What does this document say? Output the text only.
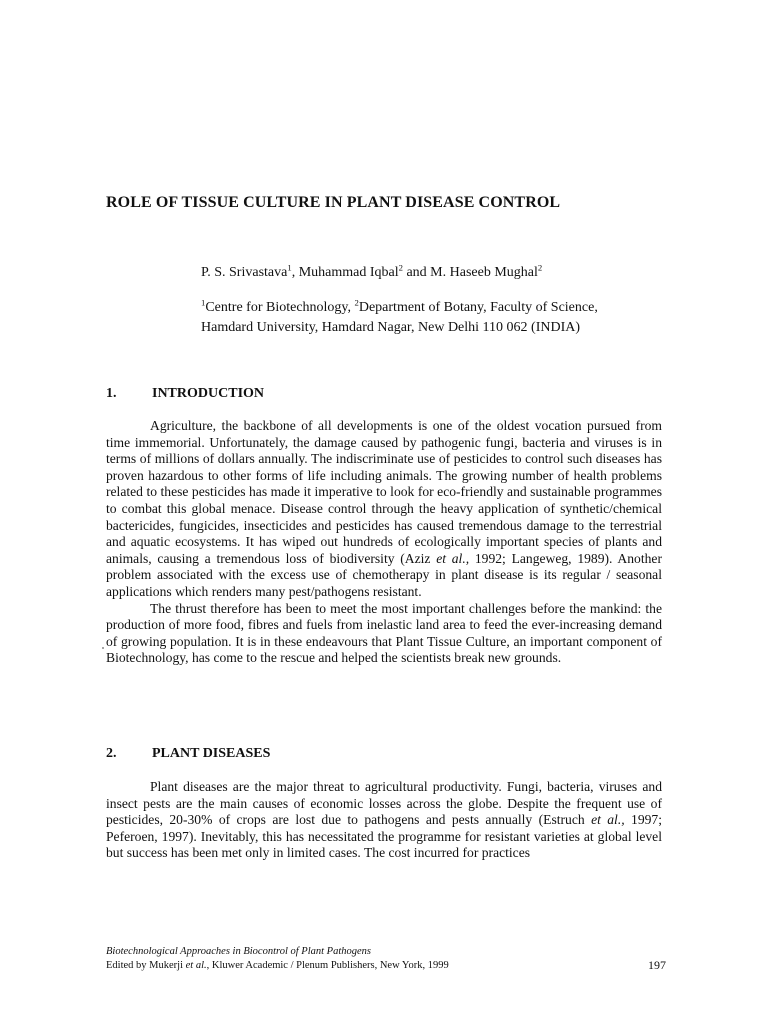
ROLE OF TISSUE CULTURE IN PLANT DISEASE CONTROL
P. S. Srivastava$^1$, Muhammad Iqbal$^2$ and M. Haseeb Mughal$^2$
$^1$Centre for Biotechnology, $^2$Department of Botany, Faculty of Science,
Hamdard University, Hamdard Nagar, New Delhi 110 062 (INDIA)
1.	INTRODUCTION

Agriculture, the backbone of all developments is one of the oldest vocation pursued from time immemorial. Unfortunately, the damage caused by pathogenic fungi, bacteria and viruses is in terms of millions of dollars annually. The indiscriminate use of pesticides to control such diseases has proven hazardous to other forms of life including animals. The growing number of health problems related to these pesticides has made it imperative to look for eco-friendly and sustainable programmes to combat this global menace. Disease control through the heavy application of synthetic/chemical bactericides, fungicides, insecticides and pesticides has caused tremendous damage to the terrestrial and aquatic ecosystems. It has wiped out hundreds of ecologically important species of plants and animals, causing a tremendous loss of biodiversity (Aziz et al., 1992; Langeweg, 1989). Another problem associated with the excess use of chemotherapy in plant disease is its regular / seasonal applications which renders many pest/pathogens resistant.

The thrust therefore has been to meet the most important challenges before the mankind: the production of more food, fibres and fuels from inelastic land area to feed the ever-increasing demand of growing population. It is in these endeavours that Plant Tissue Culture, an important component of Biotechnology, has come to the rescue and helped the scientists break new grounds.

2.	PLANT DISEASES

Plant diseases are the major threat to agricultural productivity. Fungi, bacteria, viruses and insect pests are the main causes of economic losses across the globe. Despite the frequent use of pesticides, 20-30% of crops are lost due to pathogens and pests annually (Estruch et al., 1997; Peferoen, 1997). Inevitably, this has necessitated the programme for resistant varieties at global level but success has been met only in limited cases. The cost incurred for practices

Biotechnological Approaches in Biocontrol of Plant Pathogens
Edited by Mukerji et al., Kluwer Academic / Plenum Publishers, New York, 1999	197
